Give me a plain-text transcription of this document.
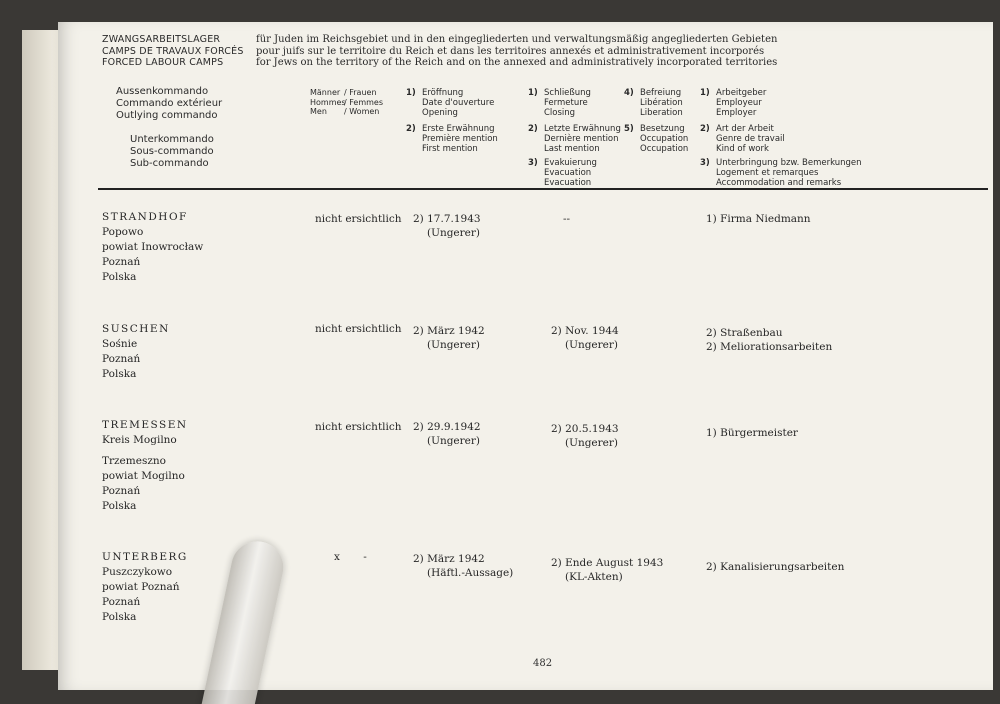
ZWANGSARBEITSLAGER
CAMPS DE TRAVAUX FORCÉS
FORCED LABOUR CAMPS
für Juden im Reichsgebiet und in den eingegliederten und verwaltungsmäßig angegliederten Gebieten
pour juifs sur le territoire du Reich et dans les territoires annexés et administrativement incorporés
for Jews on the territory of the Reich and on the annexed and administratively incorporated territories
Aussenkommando
Commando extérieur
Outlying commando
Unterkommando
Sous-commando
Sub-commando
Männer / Frauen
Hommes/ Femmes
Men / Women
1) Eröffnung
Date d'ouverture
Opening
2) Erste Erwähnung
Première mention
First mention
1) Schließung
Fermeture
Closing
2) Letzte Erwähnung
Dernière mention
Last mention
3) Evakuierung
Evacuation
Evacuation
4) Befreiung
Libération
Liberation
5) Besetzung
Occupation
Occupation
1) Arbeitgeber
Employeur
Employer
2) Art der Arbeit
Genre de travail
Kind of work
3) Unterbringung bzw. Bemerkungen
Logement et remarques
Accommodation and remarks
STRANDHOF
Popowo
powiat Inowrocław
Poznań
Polska
nicht ersichtlich 2) 17.7.1943
(Ungerer)
--	1) Firma Niedmann
SUSCHEN
Sośnie
Poznań
Polska
nicht ersichtlich 2) März 1942
(Ungerer)
2) Nov. 1944
(Ungerer)
2) Straßenbau
2) Meliorationsarbeiten
TREMESSEN
Kreis Mogilno
Trzemeszno
powiat Mogilno
Poznań
Polska
nicht ersichtlich 2) 29.9.1942
(Ungerer)
2) 20.5.1943
(Ungerer)
1) Bürgermeister
UNTERBERG
Puszczykowo
powiat Poznań
Poznań
Polska
x       -	2) März 1942
(Häftl.-Aussage)
2) Ende August 1943
(KL-Akten)
2) Kanalisierungsarbeiten
482
